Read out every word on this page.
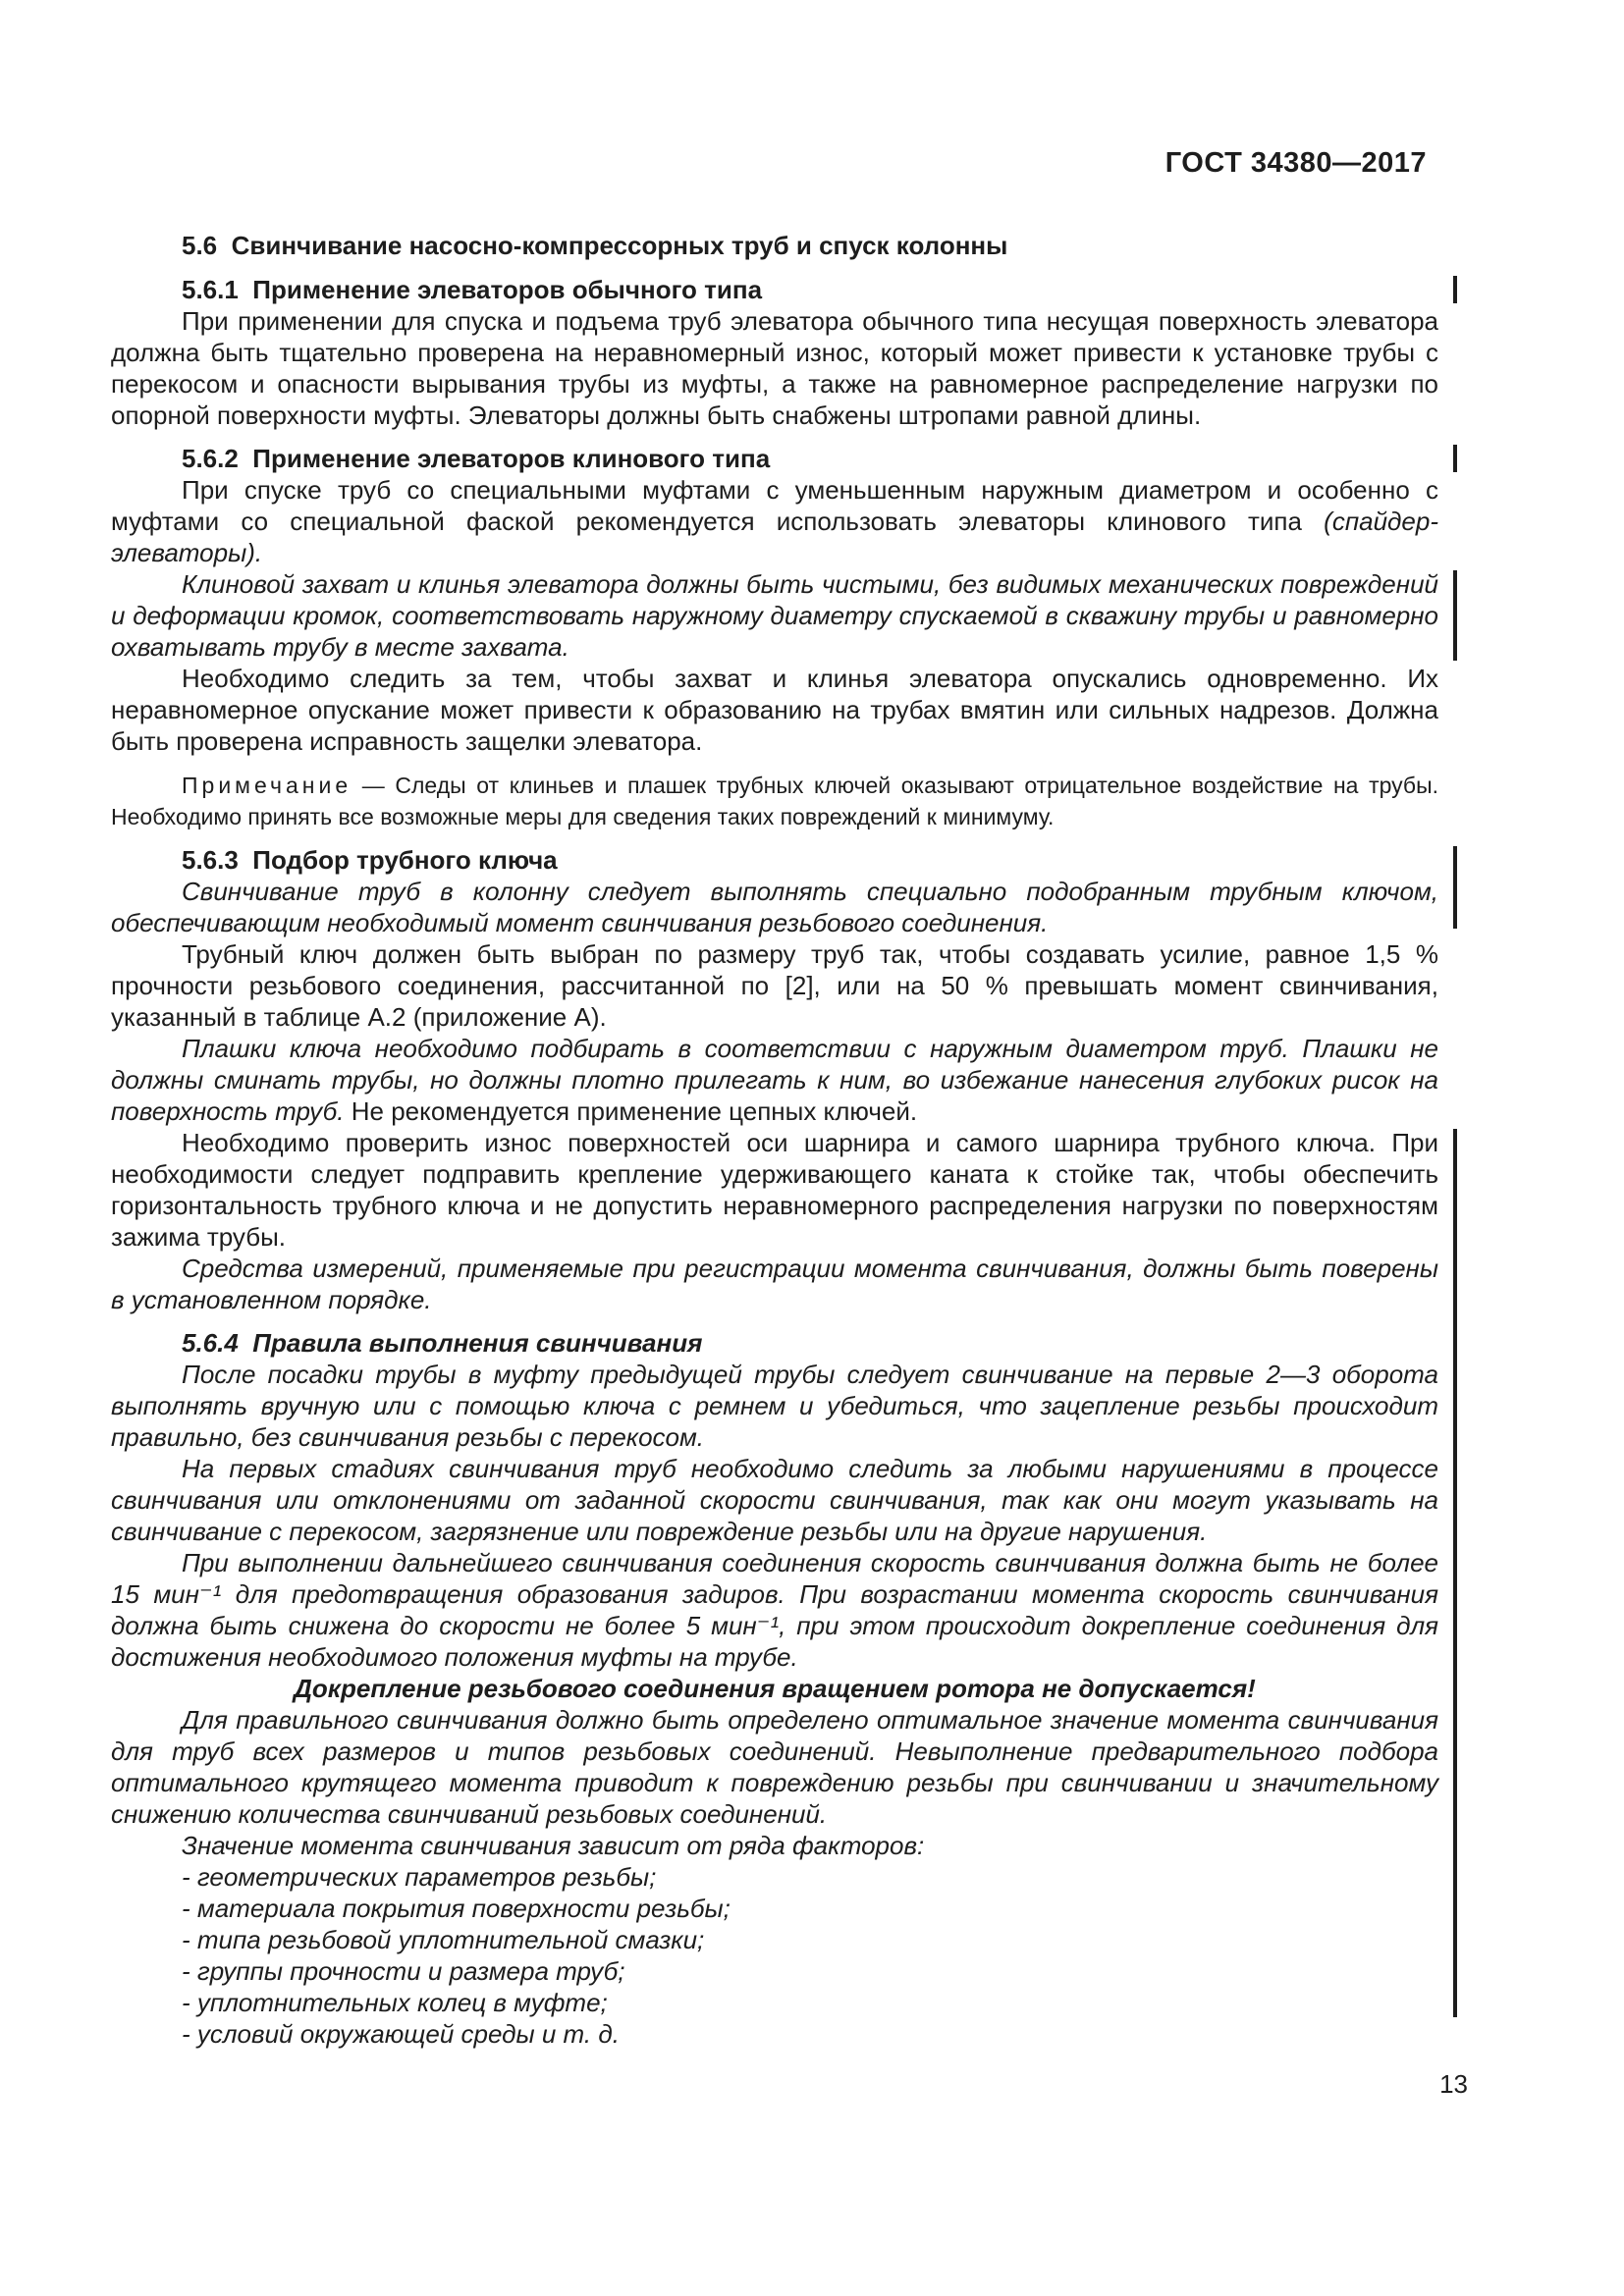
ГОСТ 34380—2017
5.6  Свинчивание насосно-компрессорных труб и спуск колонны
5.6.1  Применение элеваторов обычного типа

При применении для спуска и подъема труб элеватора обычного типа несущая поверхность элеватора должна быть тщательно проверена на неравномерный износ, который может привести к установке трубы с перекосом и опасности вырывания трубы из муфты, а также на равномерное распределение нагрузки по опорной поверхности муфты. Элеваторы должны быть снабжены штропами равной длины.

5.6.2  Применение элеваторов клинового типа

При спуске труб со специальными муфтами с уменьшенным наружным диаметром и особенно с муфтами со специальной фаской рекомендуется использовать элеваторы клинового типа (спайдер-элеваторы).

Клиновой захват и клинья элеватора должны быть чистыми, без видимых механических повреждений и деформации кромок, соответствовать наружному диаметру спускаемой в скважину трубы и равномерно охватывать трубу в месте захвата.

Необходимо следить за тем, чтобы захват и клинья элеватора опускались одновременно. Их неравномерное опускание может привести к образованию на трубах вмятин или сильных надрезов. Должна быть проверена исправность защелки элеватора.

Примечание — Следы от клиньев и плашек трубных ключей оказывают отрицательное воздействие на трубы. Необходимо принять все возможные меры для сведения таких повреждений к минимуму.

5.6.3  Подбор трубного ключа

Свинчивание труб в колонну следует выполнять специально подобранным трубным ключом, обеспечивающим необходимый момент свинчивания резьбового соединения.

Трубный ключ должен быть выбран по размеру труб так, чтобы создавать усилие, равное 1,5 % прочности резьбового соединения, рассчитанной по [2], или на 50 % превышать момент свинчивания, указанный в таблице А.2 (приложение А).

Плашки ключа необходимо подбирать в соответствии с наружным диаметром труб. Плашки не должны сминать трубы, но должны плотно прилегать к ним, во избежание нанесения глубоких рисок на поверхность труб. Не рекомендуется применение цепных ключей.

Необходимо проверить износ поверхностей оси шарнира и самого шарнира трубного ключа. При необходимости следует подправить крепление удерживающего каната к стойке так, чтобы обеспечить горизонтальность трубного ключа и не допустить неравномерного распределения нагрузки по поверхностям зажима трубы.

Средства измерений, применяемые при регистрации момента свинчивания, должны быть поверены в установленном порядке.

5.6.4  Правила выполнения свинчивания

После посадки трубы в муфту предыдущей трубы следует свинчивание на первые 2—3 оборота выполнять вручную или с помощью ключа с ремнем и убедиться, что зацепление резьбы происходит правильно, без свинчивания резьбы с перекосом.

На первых стадиях свинчивания труб необходимо следить за любыми нарушениями в процессе свинчивания или отклонениями от заданной скорости свинчивания, так как они могут указывать на свинчивание с перекосом, загрязнение или повреждение резьбы или на другие нарушения.

При выполнении дальнейшего свинчивания соединения скорость свинчивания должна быть не более 15 мин⁻¹ для предотвращения образования задиров. При возрастании момента скорость свинчивания должна быть снижена до скорости не более 5 мин⁻¹, при этом происходит докрепление соединения для достижения необходимого положения муфты на трубе.

Докрепление резьбового соединения вращением ротора не допускается!

Для правильного свинчивания должно быть определено оптимальное значение момента свинчивания для труб всех размеров и типов резьбовых соединений. Невыполнение предварительного подбора оптимального крутящего момента приводит к повреждению резьбы при свинчивании и значительному снижению количества свинчиваний резьбовых соединений.

Значение момента свинчивания зависит от ряда факторов:

- геометрических параметров резьбы;
- материала покрытия поверхности резьбы;
- типа резьбовой уплотнительной смазки;
- группы прочности и размера труб;
- уплотнительных колец в муфте;
- условий окружающей среды и т. д.
13
